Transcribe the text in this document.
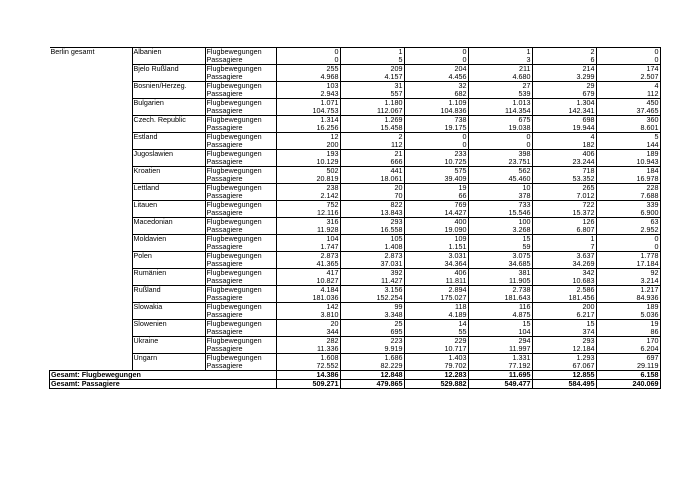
Berlin gesamt	Albanien	Flugbewegungen	0	1	0	1	2	0
		Passagiere	0	5	0	3	6	0
	Bjelo Rußland	Flugbewegungen	255	209	204	211	214	174
		Passagiere	4.968	4.157	4.456	4.680	3.299	2.507
	Bosnien/Herzeg.	Flugbewegungen	103	31	32	27	29	4
		Passagiere	2.943	557	682	539	679	112
	Bulgarien	Flugbewegungen	1.071	1.180	1.109	1.013	1.304	450
		Passagiere	104.753	112.067	104.836	114.354	142.341	37.465
	Czech. Republic	Flugbewegungen	1.314	1.269	738	675	698	360
		Passagiere	16.256	15.458	19.175	19.038	19.944	8.601
	Estland	Flugbewegungen	12	2	0	0	4	5
		Passagiere	200	112	0	0	182	144
	Jugoslawien	Flugbewegungen	193	21	233	398	406	189
		Passagiere	10.129	666	10.725	23.751	23.244	10.943
	Kroatien	Flugbewegungen	502	441	575	562	718	184
		Passagiere	20.819	18.061	39.409	45.460	53.352	16.978
	Lettland	Flugbewegungen	238	20	19	10	265	228
		Passagiere	2.142	70	66	378	7.012	7.688
	Litauen	Flugbewegungen	752	822	769	733	722	339
		Passagiere	12.116	13.843	14.427	15.546	15.372	6.900
	Macedonian	Flugbewegungen	316	293	400	100	126	63
		Passagiere	11.928	16.558	19.090	3.268	6.807	2.952
	Moldavien	Flugbewegungen	104	105	109	15	1	0
		Passagiere	1.747	1.408	1.151	59	7	0
	Polen	Flugbewegungen	2.873	2.873	3.031	3.075	3.637	1.778
		Passagiere	41.365	37.031	34.364	34.685	34.269	17.184
	Rumänien	Flugbewegungen	417	392	406	381	342	92
		Passagiere	10.827	11.427	11.811	11.905	10.683	3.214
	Rußland	Flugbewegungen	4.184	3.156	2.894	2.738	2.586	1.217
		Passagiere	181.036	152.254	175.027	181.643	181.456	84.936
	Slowakia	Flugbewegungen	142	99	118	116	200	189
		Passagiere	3.810	3.348	4.189	4.875	6.217	5.036
	Slowenien	Flugbewegungen	20	25	14	15	15	19
		Passagiere	344	695	55	104	374	86
	Ukraine	Flugbewegungen	282	223	229	294	293	170
		Passagiere	11.336	9.919	10.717	11.997	12.184	6.204
	Ungarn	Flugbewegungen	1.608	1.686	1.403	1.331	1.293	697
		Passagiere	72.552	82.229	79.702	77.192	67.067	29.119
Gesamt: Flugbewegungen			14.386	12.848	12.283	11.695	12.855	6.158
Gesamt: Passagiere			509.271	479.865	529.882	549.477	584.495	240.069
